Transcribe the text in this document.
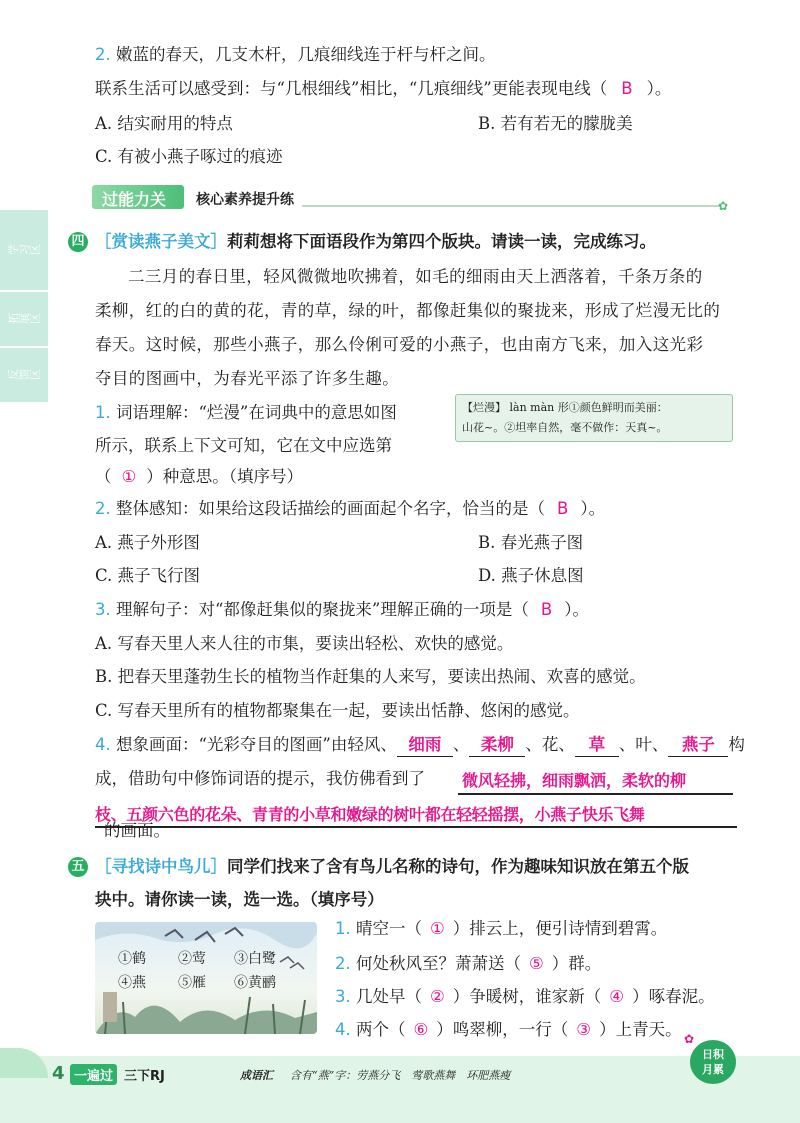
学习区
拓展区
反馈区
2. 嫩蓝的春天，几支木杆，几痕细线连于杆与杆之间。
联系生活可以感受到：与“几根细线”相比，“几痕细线”更能表现电线（ B ）。
A. 结实耐用的特点	B. 若有若无的朦胧美
C. 有被小燕子啄过的痕迹
过能力关 核心素养提升练	✿
四 ［赏读燕子美文］莉莉想将下面语段作为第四个版块。请读一读，完成练习。
二三月的春日里，轻风微微地吹拂着，如毛的细雨由天上洒落着，千条万条的
柔柳，红的白的黄的花，青的草，绿的叶，都像赶集似的聚拢来，形成了烂漫无比的
春天。这时候，那些小燕子，那么伶俐可爱的小燕子，也由南方飞来，加入这光彩
夺目的图画中，为春光平添了许多生趣。
1. 词语理解：“烂漫”在词典中的意思如图
所示，联系上下文可知，它在文中应选第
（ ① ）种意思。（填序号）
【烂漫】 làn màn 形①颜色鲜明而美丽：
山花~。②坦率自然，毫不做作：天真~。
2. 整体感知：如果给这段话描绘的画面起个名字，恰当的是（ B ）。
A. 燕子外形图	B. 春光燕子图
C. 燕子飞行图	D. 燕子休息图
3. 理解句子：对“都像赶集似的聚拢来”理解正确的一项是（ B ）。
A. 写春天里人来人往的市集，要读出轻松、欢快的感觉。
B. 把春天里蓬勃生长的植物当作赶集的人来写，要读出热闹、欢喜的感觉。
C. 写春天里所有的植物都聚集在一起，要读出恬静、悠闲的感觉。
4. 想象画面：“光彩夺目的图画”由轻风、 细雨 、 柔柳 、花、 草 、叶、 燕子 构
成，借助句中修饰词语的提示，我仿佛看到了 微风轻拂，细雨飘洒，柔软的柳
枝、五颜六色的花朵、青青的小草和嫩绿的树叶都在轻轻摇摆，小燕子快乐飞舞
的画面。
五 ［寻找诗中鸟儿］同学们找来了含有鸟儿名称的诗句，作为趣味知识放在第五个版
块中。请你读一读，选一选。（填序号）
①鹤 ②莺 ③白鹭
④燕 ⑤雁 ⑥黄鹂
1. 晴空一（ ① ）排云上，便引诗情到碧霄。
2. 何处秋风至？萧萧送（ ⑤ ）群。
3. 几处早（ ② ）争暖树，谁家新（ ④ ）啄春泥。
4. 两个（ ⑥ ）鸣翠柳，一行（ ③ ）上青天。
4 一遍过 三下RJ	成语汇 含有“燕”字：劳燕分飞　莺歌燕舞　环肥燕瘦
日积
月累
✿
